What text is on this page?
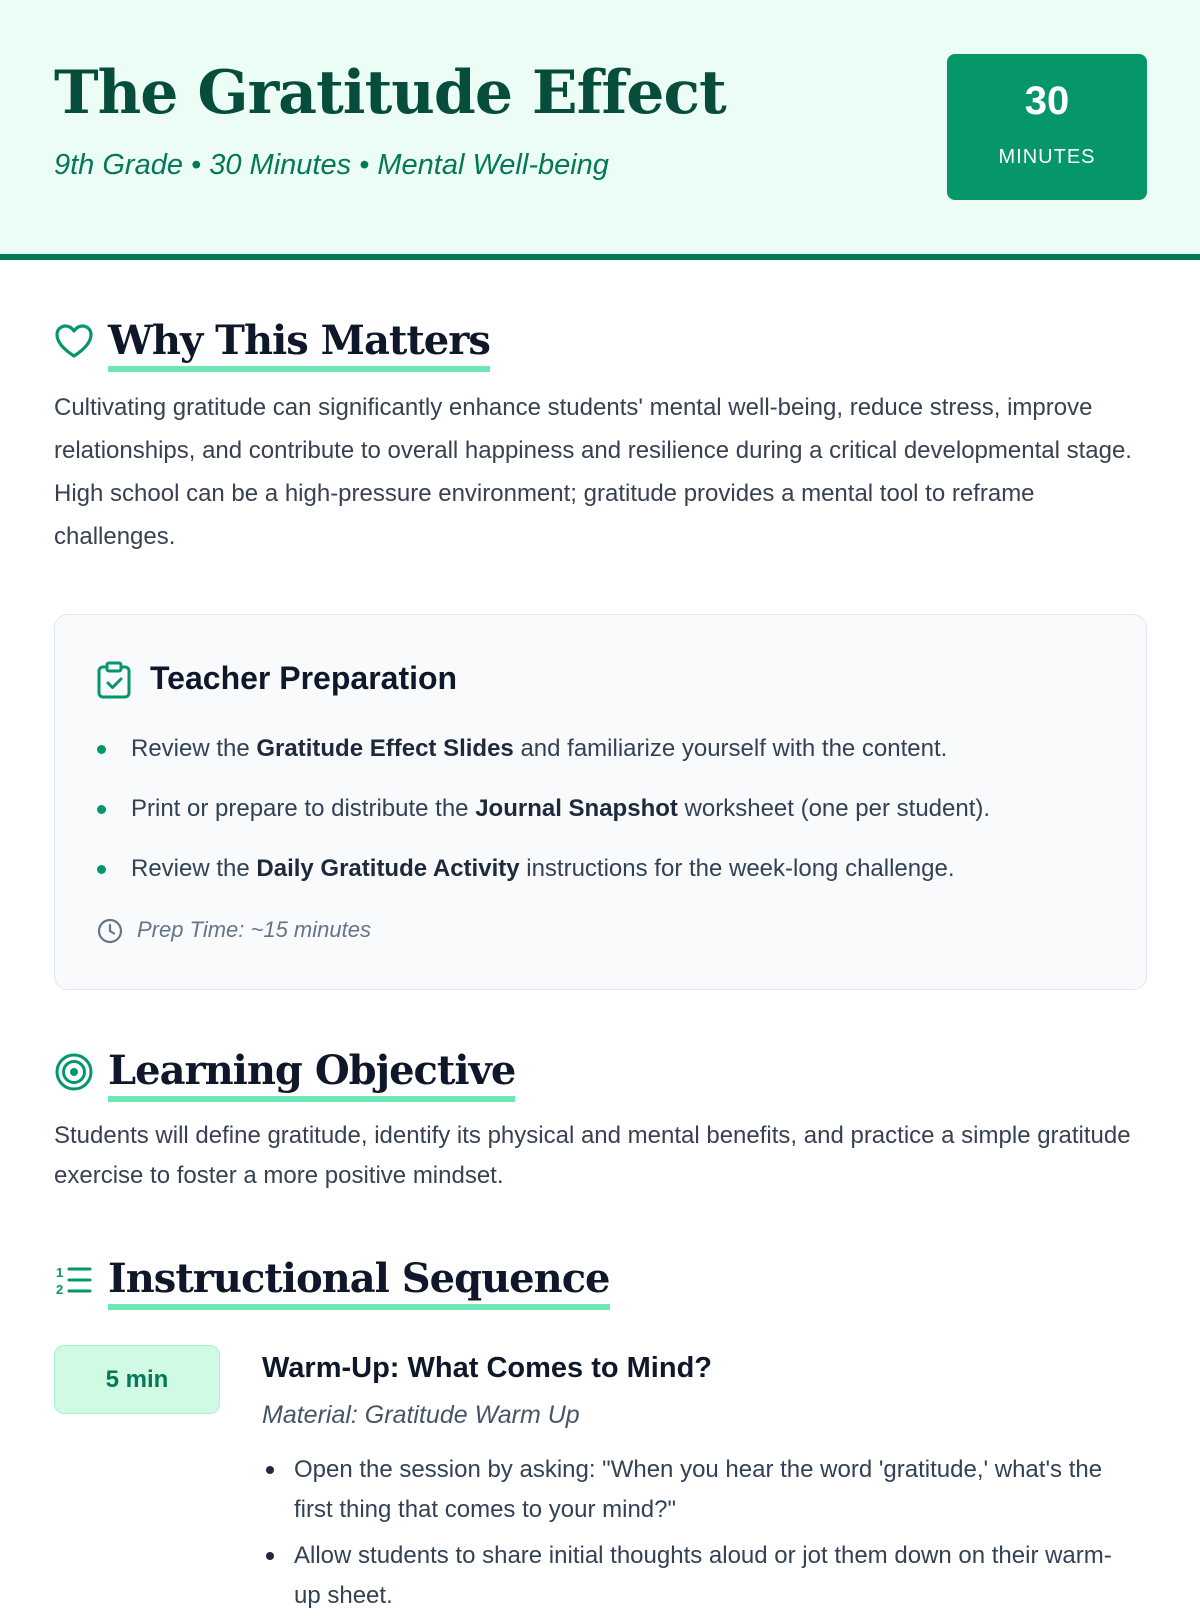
The Gratitude Effect
9th Grade • 30 Minutes • Mental Well-being
30
MINUTES
Why This Matters
Cultivating gratitude can significantly enhance students' mental well-being, reduce stress, improve relationships, and contribute to overall happiness and resilience during a critical developmental stage. High school can be a high-pressure environment; gratitude provides a mental tool to reframe challenges.
Teacher Preparation
Review the Gratitude Effect Slides and familiarize yourself with the content.
Print or prepare to distribute the Journal Snapshot worksheet (one per student).
Review the Daily Gratitude Activity instructions for the week-long challenge.
Prep Time: ~15 minutes
Learning Objective
Students will define gratitude, identify its physical and mental benefits, and practice a simple gratitude exercise to foster a more positive mindset.
1
2 Instructional Sequence
5 min	Warm-Up: What Comes to Mind?
Material: Gratitude Warm Up
Open the session by asking: "When you hear the word 'gratitude,' what's the first thing that comes to your mind?"
Allow students to share initial thoughts aloud or jot them down on their warm-up sheet.
